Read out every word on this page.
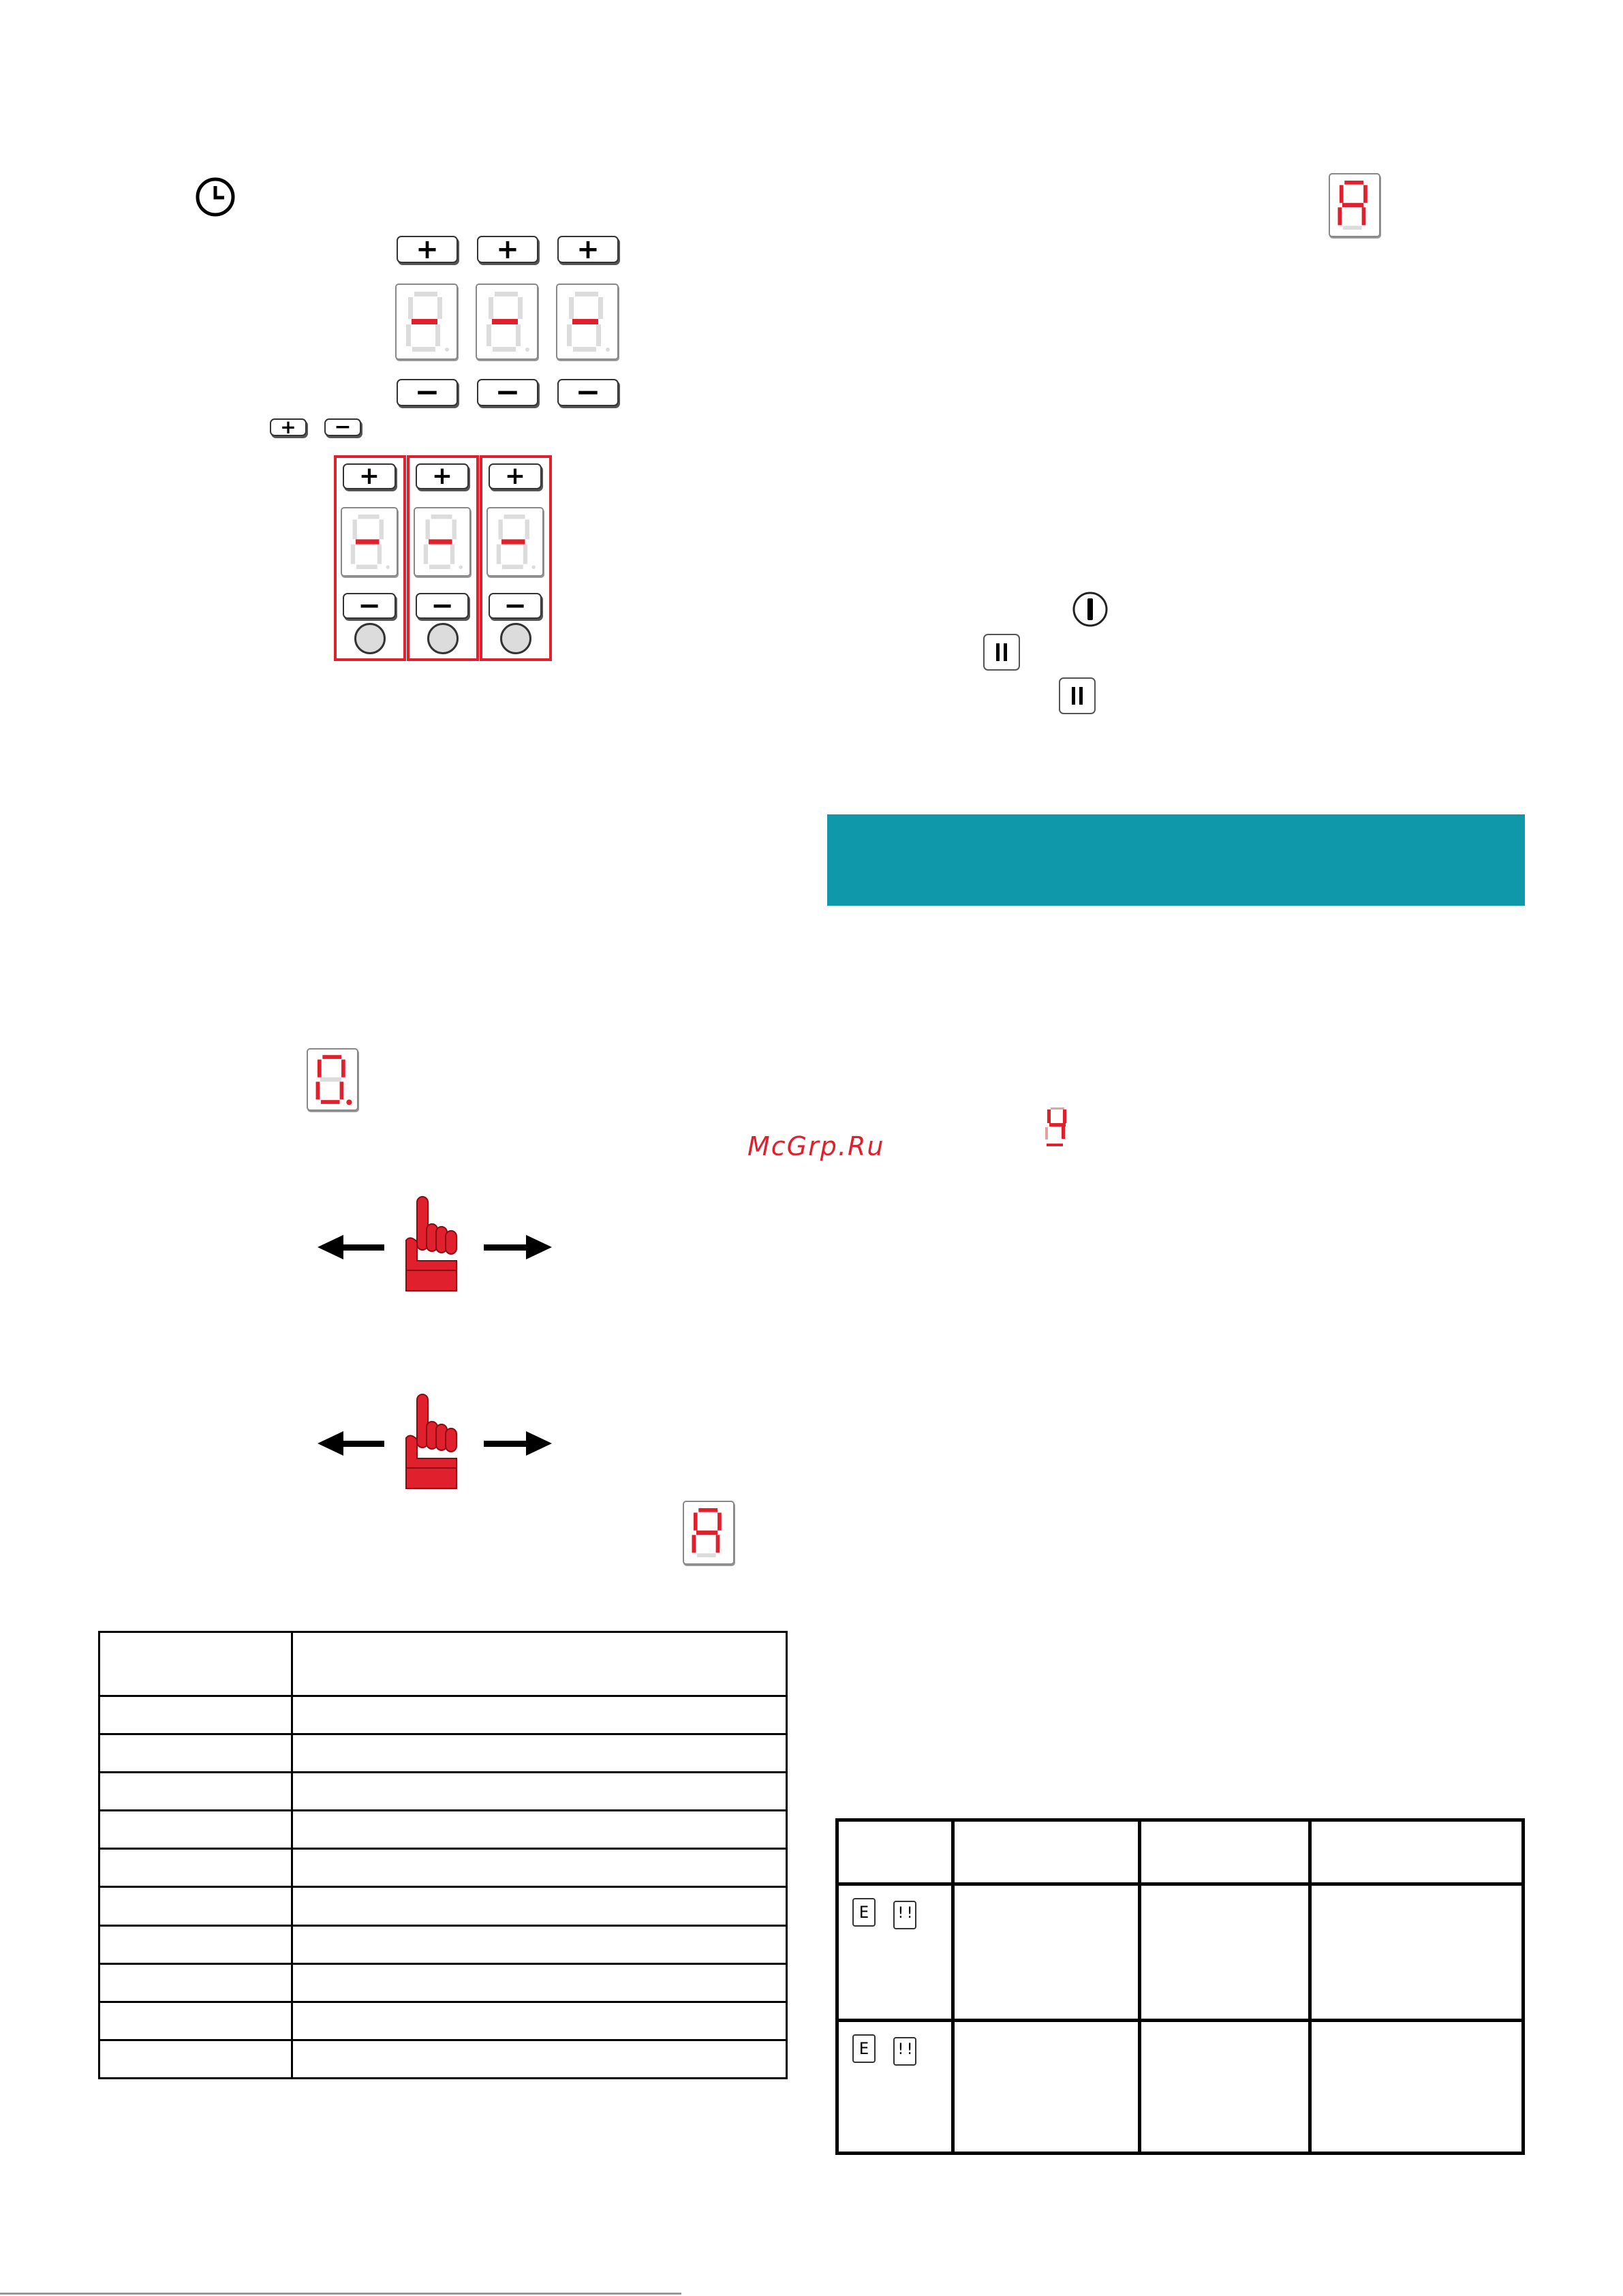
+	+	+
−	−	−
+	−
+	+	+
−	−	−
McGrp.Ru

E !!			
E !!			
